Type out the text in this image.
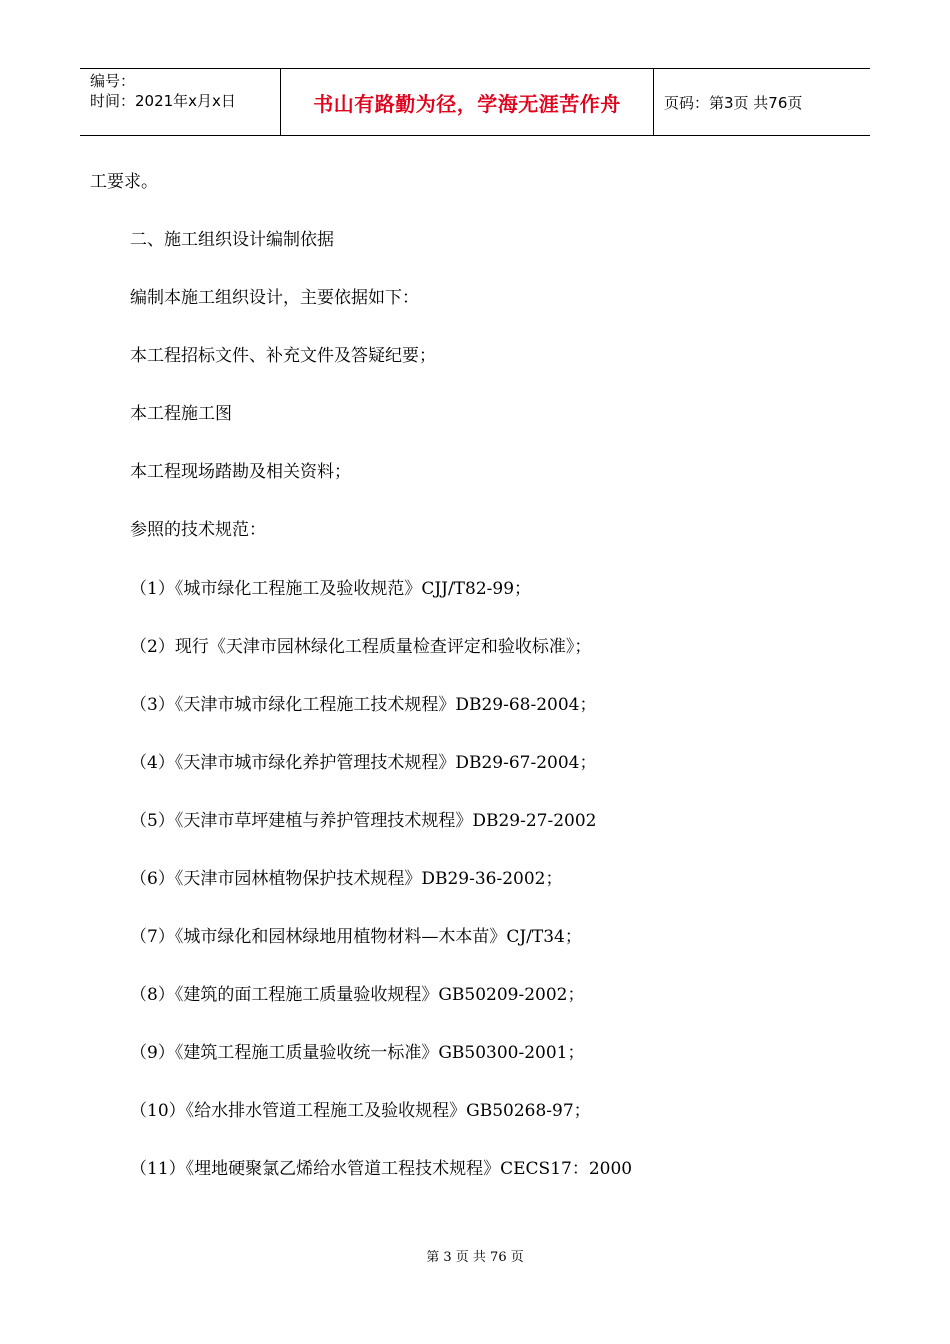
编号：
时间：2021年x月x日	书山有路勤为径，学海无涯苦作舟	页码：第3页 共76页
工要求。
二、施工组织设计编制依据
编制本施工组织设计，主要依据如下：
本工程招标文件、补充文件及答疑纪要；
本工程施工图
本工程现场踏勘及相关资料；
参照的技术规范：
（1）《城市绿化工程施工及验收规范》CJJ/T82-99；
（2）现行《天津市园林绿化工程质量检查评定和验收标准》；
（3）《天津市城市绿化工程施工技术规程》DB29-68-2004；
（4）《天津市城市绿化养护管理技术规程》DB29-67-2004；
（5）《天津市草坪建植与养护管理技术规程》DB29-27-2002
（6）《天津市园林植物保护技术规程》DB29-36-2002；
（7）《城市绿化和园林绿地用植物材料—木本苗》CJ/T34；
（8）《建筑的面工程施工质量验收规程》GB50209-2002；
（9）《建筑工程施工质量验收统一标准》GB50300-2001；
（10）《给水排水管道工程施工及验收规程》GB50268-97；
（11）《埋地硬聚氯乙烯给水管道工程技术规程》CECS17：2000
第 3 页 共 76 页
